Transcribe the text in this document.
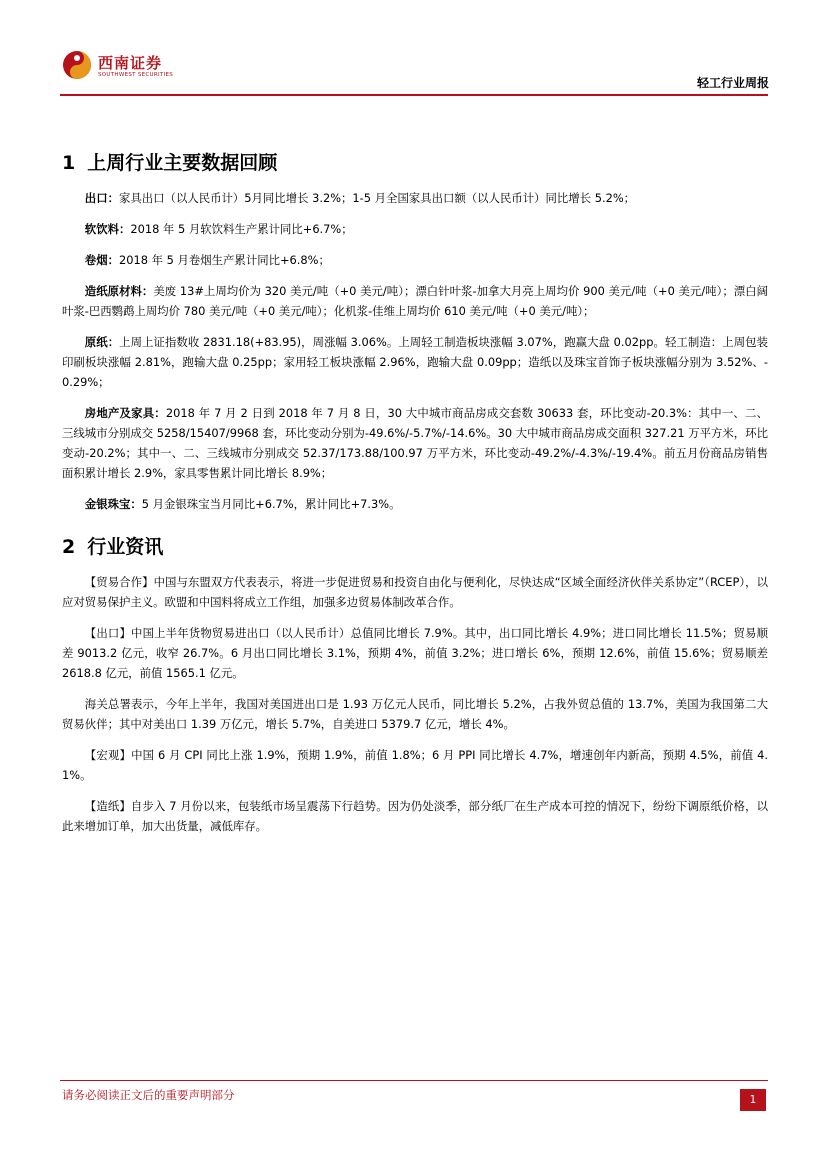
西南证券
SOUTHWEST SECURITIES
轻工行业周报
1 上周行业主要数据回顾

出口：家具出口（以人民币计）5月同比增长 3.2%；1-5 月全国家具出口额（以人民币计）同比增长 5.2%；

软饮料：2018 年 5 月软饮料生产累计同比+6.7%；

卷烟：2018 年 5 月卷烟生产累计同比+6.8%；

造纸原材料：美废 13#上周均价为 320 美元/吨（+0 美元/吨）；漂白针叶浆-加拿大月亮上周均价 900 美元/吨（+0 美元/吨）；漂白阔叶浆-巴西鹦鹉上周均价 780 美元/吨（+0 美元/吨）；化机浆-佳维上周均价 610 美元/吨（+0 美元/吨）；

原纸：上周上证指数收 2831.18(+83.95)，周涨幅 3.06%。上周轻工制造板块涨幅 3.07%，跑赢大盘 0.02pp。轻工制造：上周包装印刷板块涨幅 2.81%，跑输大盘 0.25pp；家用轻工板块涨幅 2.96%，跑输大盘 0.09pp；造纸以及珠宝首饰子板块涨幅分别为 3.52%、-0.29%；

房地产及家具：2018 年 7 月 2 日到 2018 年 7 月 8 日，30 大中城市商品房成交套数 30633 套，环比变动-20.3%：其中一、二、三线城市分别成交 5258/15407/9968 套，环比变动分别为-49.6%/-5.7%/-14.6%。30 大中城市商品房成交面积 327.21 万平方米，环比变动-20.2%；其中一、二、三线城市分别成交 52.37/173.88/100.97 万平方米，环比变动-49.2%/-4.3%/-19.4%。前五月份商品房销售面积累计增长 2.9%，家具零售累计同比增长 8.9%；

金银珠宝：5 月金银珠宝当月同比+6.7%，累计同比+7.3%。

2 行业资讯

【贸易合作】中国与东盟双方代表表示，将进一步促进贸易和投资自由化与便利化，尽快达成“区域全面经济伙伴关系协定”（RCEP），以应对贸易保护主义。欧盟和中国料将成立工作组，加强多边贸易体制改革合作。

【出口】中国上半年货物贸易进出口（以人民币计）总值同比增长 7.9%。其中，出口同比增长 4.9%；进口同比增长 11.5%；贸易顺差 9013.2 亿元，收窄 26.7%。6 月出口同比增长 3.1%，预期 4%，前值 3.2%；进口增长 6%，预期 12.6%，前值 15.6%；贸易顺差 2618.8 亿元，前值 1565.1 亿元。

海关总署表示，今年上半年，我国对美国进出口是 1.93 万亿元人民币，同比增长 5.2%，占我外贸总值的 13.7%，美国为我国第二大贸易伙伴；其中对美出口 1.39 万亿元，增长 5.7%，自美进口 5379.7 亿元，增长 4%。

【宏观】中国 6 月 CPI 同比上涨 1.9%，预期 1.9%，前值 1.8%；6 月 PPI 同比增长 4.7%，增速创年内新高，预期 4.5%，前值 4.1%。

【造纸】自步入 7 月份以来，包装纸市场呈震荡下行趋势。因为仍处淡季，部分纸厂在生产成本可控的情况下，纷纷下调原纸价格，以此来增加订单，加大出货量，减低库存。

请务必阅读正文后的重要声明部分	1
